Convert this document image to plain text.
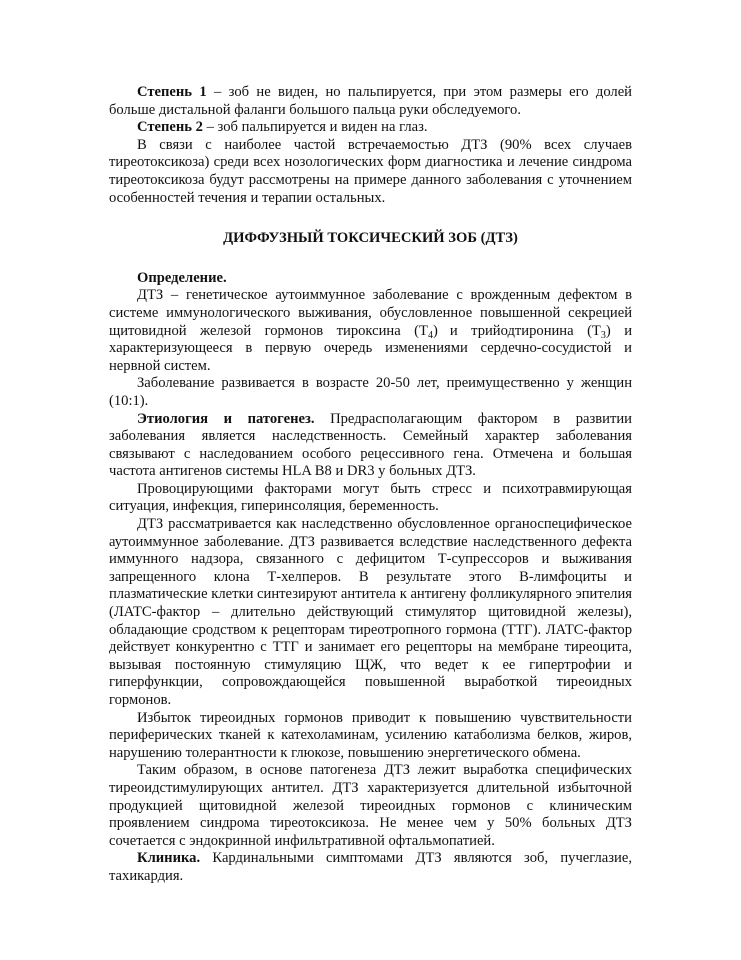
Степень 1 – зоб не виден, но пальпируется, при этом размеры его долей больше дистальной фаланги большого пальца руки обследуемого.

Степень 2 – зоб пальпируется и виден на глаз.

В связи с наиболее частой встречаемостью ДТЗ (90% всех случаев тиреотоксикоза) среди всех нозологических форм диагностика и лечение синдрома тиреотоксикоза будут рассмотрены на примере данного заболевания с уточнением особенностей течения и терапии остальных.

ДИФФУЗНЫЙ ТОКСИЧЕСКИЙ ЗОБ (ДТЗ)

Определение.

ДТЗ – генетическое аутоиммунное заболевание с врожденным дефектом в системе иммунологического выживания, обусловленное повышенной секрецией щитовидной железой гормонов тироксина $(Т_4)$ и трийодтиронина $(Т_3)$ и характеризующееся в первую очередь изменениями сердечно-сосудистой и нервной систем.

Заболевание развивается в возрасте 20-50 лет, преимущественно у женщин (10:1).

Этиология и патогенез. Предрасполагающим фактором в развитии заболевания является наследственность. Семейный характер заболевания связывают с наследованием особого рецессивного гена. Отмечена и большая частота антигенов системы HLA B8 и DR3 у больных ДТЗ.

Провоцирующими факторами могут быть стресс и психотравмирующая ситуация, инфекция, гиперинсоляция, беременность.

ДТЗ рассматривается как наследственно обусловленное органоспецифическое аутоиммунное заболевание. ДТЗ развивается вследствие наследственного дефекта иммунного надзора, связанного с дефицитом Т-супрессоров и выживания запрещенного клона Т-хелперов. В результате этого В-лимфоциты и плазматические клетки синтезируют антитела к антигену фолликулярного эпителия (ЛАТС-фактор – длительно действующий стимулятор щитовидной железы), обладающие сродством к рецепторам тиреотропного гормона (ТТГ). ЛАТС-фактор действует конкурентно с ТТГ и занимает его рецепторы на мембране тиреоцита, вызывая постоянную стимуляцию ЩЖ, что ведет к ее гипертрофии и гиперфункции, сопровождающейся повышенной выработкой тиреоидных гормонов.

Избыток тиреоидных гормонов приводит к повышению чувствительности периферических тканей к катехоламинам, усилению катаболизма белков, жиров, нарушению толерантности к глюкозе, повышению энергетического обмена.

Таким образом, в основе патогенеза ДТЗ лежит выработка специфических тиреоидстимулирующих антител. ДТЗ характеризуется длительной избыточной продукцией щитовидной железой тиреоидных гормонов с клиническим проявлением синдрома тиреотоксикоза. Не менее чем у 50% больных ДТЗ сочетается с эндокринной инфильтративной офтальмопатией.

Клиника. Кардинальными симптомами ДТЗ являются зоб, пучеглазие, тахикардия.
